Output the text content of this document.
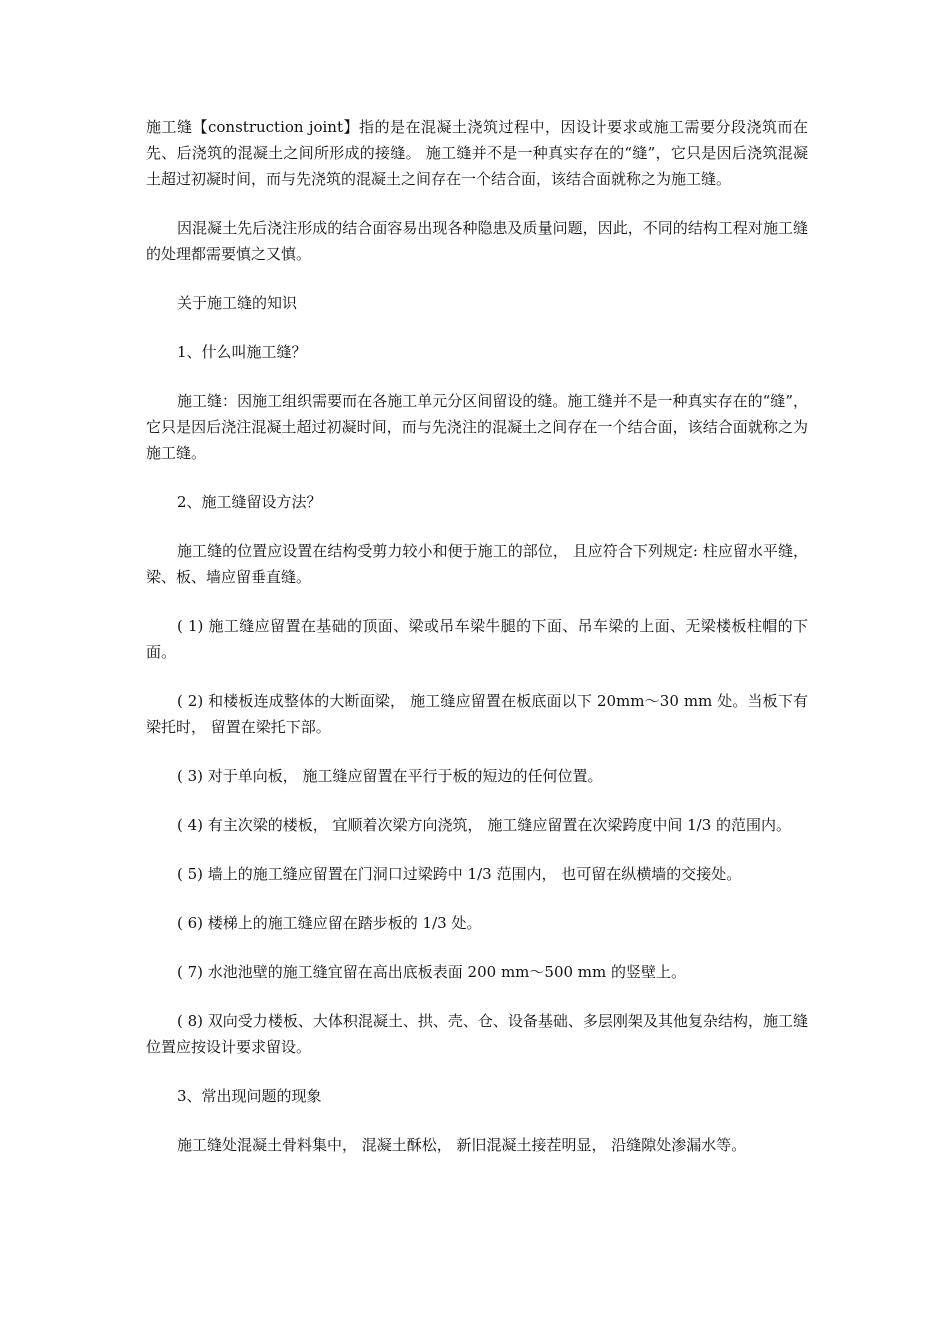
施工缝【construction joint】指的是在混凝土浇筑过程中，因设计要求或施工需要分段浇筑而在先、后浇筑的混凝土之间所形成的接缝。 施工缝并不是一种真实存在的“缝”，它只是因后浇筑混凝土超过初凝时间，而与先浇筑的混凝土之间存在一个结合面，该结合面就称之为施工缝。

因混凝土先后浇注形成的结合面容易出现各种隐患及质量问题，因此，不同的结构工程对施工缝的处理都需要慎之又慎。

关于施工缝的知识

1、什么叫施工缝？

施工缝：因施工组织需要而在各施工单元分区间留设的缝。施工缝并不是一种真实存在的“缝”，它只是因后浇注混凝土超过初凝时间，而与先浇注的混凝土之间存在一个结合面，该结合面就称之为施工缝。

2、施工缝留设方法？

施工缝的位置应设置在结构受剪力较小和便于施工的部位， 且应符合下列规定: 柱应留水平缝， 梁、板、墙应留垂直缝。

( 1) 施工缝应留置在基础的顶面、梁或吊车梁牛腿的下面、吊车梁的上面、无梁楼板柱帽的下面。

( 2) 和楼板连成整体的大断面梁， 施工缝应留置在板底面以下 20mm～30 mm 处。当板下有梁托时， 留置在梁托下部。

( 3) 对于单向板， 施工缝应留置在平行于板的短边的任何位置。

( 4) 有主次梁的楼板， 宜顺着次梁方向浇筑， 施工缝应留置在次梁跨度中间 1/3 的范围内。

( 5) 墙上的施工缝应留置在门洞口过梁跨中 1/3 范围内， 也可留在纵横墙的交接处。

( 6) 楼梯上的施工缝应留在踏步板的 1/3 处。

( 7) 水池池壁的施工缝宜留在高出底板表面 200 mm～500 mm 的竖壁上。

( 8) 双向受力楼板、大体积混凝土、拱、壳、仓、设备基础、多层刚架及其他复杂结构，施工缝位置应按设计要求留设。

3、常出现问题的现象

施工缝处混凝土骨料集中， 混凝土酥松， 新旧混凝土接茬明显， 沿缝隙处渗漏水等。
